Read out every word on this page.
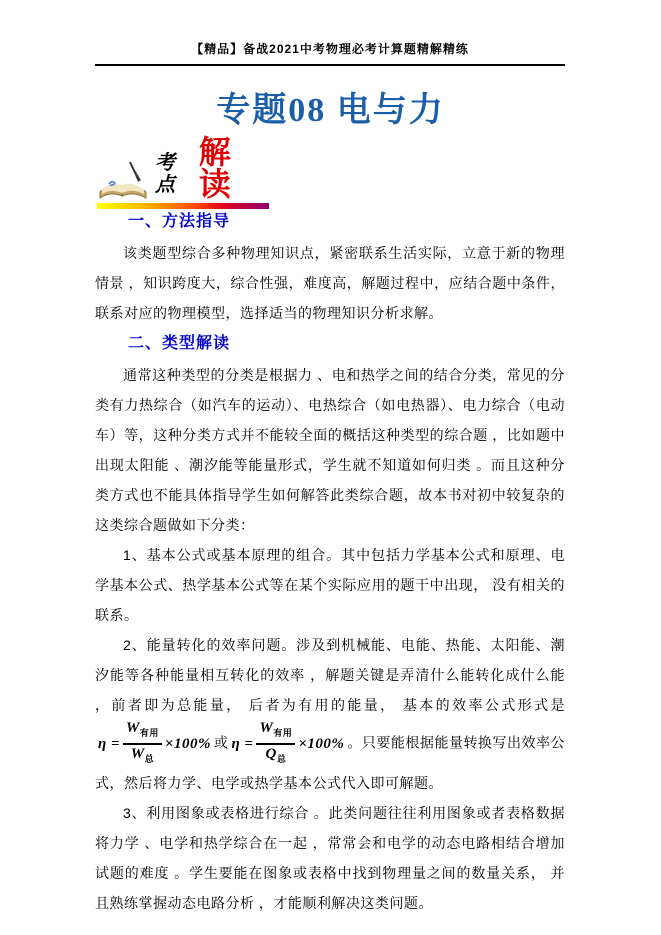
【精品】备战2021中考物理必考计算题精解精练
专题08 电与力
考点
解读
一、方法指导

该类题型综合多种物理知识点，紧密联系生活实际，立意于新的物理情景 ，知识跨度大，综合性强，难度高，解题过程中，应结合题中条件， 联系对应的物理模型，选择适当的物理知识分析求解。

二、类型解读

通常这种类型的分类是根据力 、电和热学之间的结合分类，常见的分类有力热综合（如汽车的运动）、电热综合（如电热器）、电力综合（电动车）等，这种分类方式并不能较全面的概括这种类型的综合题 ，比如题中出现太阳能 、潮汐能等能量形式，学生就不知道如何归类 。而且这种分类方式也不能具体指导学生如何解答此类综合题，故本书对初中较复杂的这类综合题做如下分类：

1、基本公式或基本原理的组合。其中包括力学基本公式和原理、电学基本公式、热学基本公式等在某个实际应用的题干中出现， 没有相关的联系。

2、能量转化的效率问题。涉及到机械能、电能、热能、太阳能、潮汐能等各种能量相互转化的效率 ，解题关键是弄清什么能转化成什么能 ，前者即为总能量， 后者为有用的能量， 基本的效率公式形式是$\eta = \frac{W_{有用}}{W_总} \times 100\%$ 或 $\eta = \frac{W_{有用}}{Q_总} \times 100\%$ 。只要能根据能量转换写出效率公式，然后将力学、电学或热学基本公式代入即可解题。

3、利用图象或表格进行综合 。此类问题往往利用图象或者表格数据将力学 、电学和热学综合在一起 ，常常会和电学的动态电路相结合增加试题的难度 。学生要能在图象或表格中找到物理量之间的数量关系， 并且熟练掌握动态电路分析 ，才能顺利解决这类问题。
